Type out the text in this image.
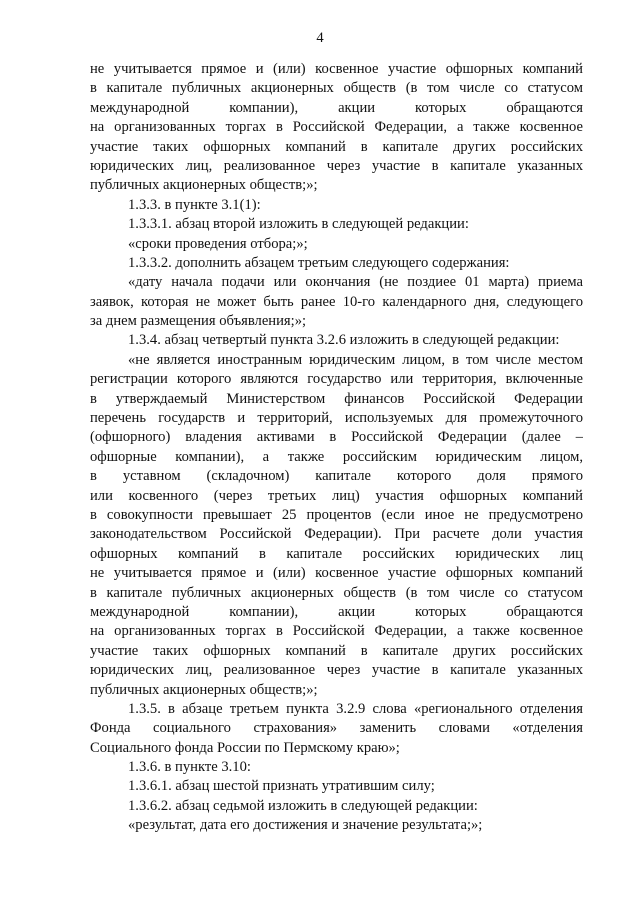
4
не учитывается прямое и (или) косвенное участие офшорных компаний
в капитале публичных акционерных обществ (в том числе со статусом
международной компании), акции которых обращаются
на организованных торгах в Российской Федерации, а также косвенное
участие таких офшорных компаний в капитале других российских
юридических лиц, реализованное через участие в капитале указанных
публичных акционерных обществ;»;
1.3.3. в пункте 3.1(1):
1.3.3.1. абзац второй изложить в следующей редакции:
«сроки проведения отбора;»;
1.3.3.2. дополнить абзацем третьим следующего содержания:
«дату начала подачи или окончания (не поздиее 01 марта) приема
заявок, которая не может быть ранее 10-го календарного дня, следующего
за днем размещения объявления;»;
1.3.4. абзац четвертый пункта 3.2.6 изложить в следующей редакции:
«не является иностранным юридическим лицом, в том числе местом
регистрации которого являются государство или территория, включенные
в утверждаемый Министерством финансов Российской Федерации
перечень государств и территорий, используемых для промежуточного
(офшорного) владения активами в Российской Федерации (далее –
офшорные компании), а также российским юридическим лицом,
в уставном (складочном) капитале которого доля прямого
или косвенного (через третьих лиц) участия офшорных компаний
в совокупности превышает 25 процентов (если иное не предусмотрено
законодательством Российской Федерации). При расчете доли участия
офшорных компаний в капитале российских юридических лиц
не учитывается прямое и (или) косвенное участие офшорных компаний
в капитале публичных акционерных обществ (в том числе со статусом
международной компании), акции которых обращаются
на организованных торгах в Российской Федерации, а также косвенное
участие таких офшорных компаний в капитале других российских
юридических лиц, реализованное через участие в капитале указанных
публичных акционерных обществ;»;
1.3.5. в абзаце третьем пункта 3.2.9 слова «регионального отделения
Фонда социального страхования» заменить словами «отделения
Социального фонда России по Пермскому краю»;
1.3.6. в пункте 3.10:
1.3.6.1. абзац шестой признать утратившим силу;
1.3.6.2. абзац седьмой изложить в следующей редакции:
«результат, дата его достижения и значение результата;»;
